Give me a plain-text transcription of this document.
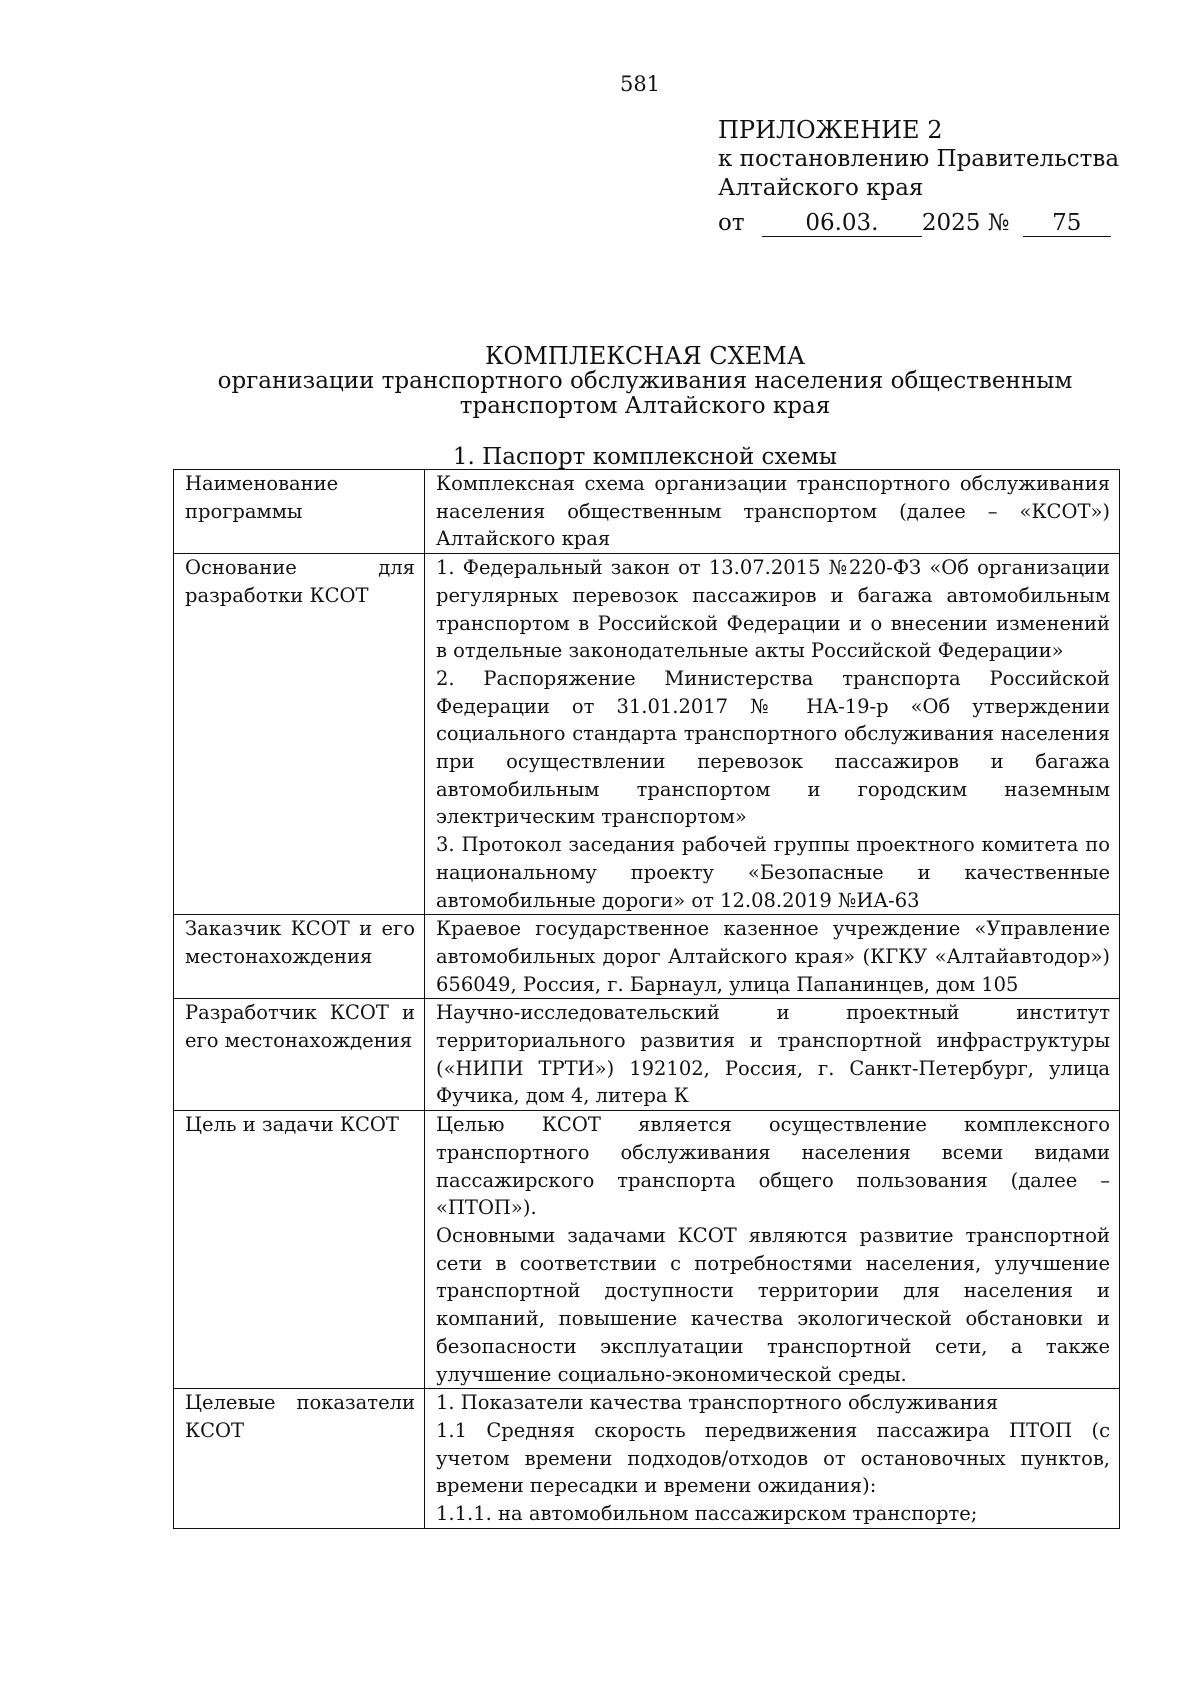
581
ПРИЛОЖЕНИЕ 2
к постановлению Правительства
Алтайского края
от	06.03. 2025 № 75
КОМПЛЕКСНАЯ СХЕМА
организации транспортного обслуживания населения общественным
транспортом Алтайского края
1. Паспорт комплексной схемы
Наименование программы	Комплексная схема организации транспортного обслуживания населения общественным транспортом (далее – «КСОТ») Алтайского края

Основание для разработки КСОТ	1. Федеральный закон от 13.07.2015 №220-ФЗ «Об организации регулярных перевозок пассажиров и багажа автомобильным транспортом в Российской Федерации и о внесении изменений в отдельные законодательные акты Российской Федерации»
2. Распоряжение Министерства транспорта Российской Федерации от 31.01.2017 № НА-19-р «Об утверждении социального стандарта транспортного обслуживания населения при осуществлении перевозок пассажиров и багажа автомобильным транспортом и городским наземным электрическим транспортом»
3. Протокол заседания рабочей группы проектного комитета по национальному проекту «Безопасные и качественные автомобильные дороги» от 12.08.2019 №ИА-63

Заказчик КСОТ и его местонахождения	Краевое государственное казенное учреждение «Управление автомобильных дорог Алтайского края» (КГКУ «Алтайавтодор») 656049, Россия, г. Барнаул, улица Папанинцев, дом 105

Разработчик КСОТ и его местонахождения	Научно-исследовательский и проектный институт территориального развития и транспортной инфраструктуры («НИПИ ТРТИ») 192102, Россия, г. Санкт-Петербург, улица Фучика, дом 4, литера К

Цель и задачи КСОТ	Целью КСОТ является осуществление комплексного транспортного обслуживания населения всеми видами пассажирского транспорта общего пользования (далее – «ПТОП»).
Основными задачами КСОТ являются развитие транспортной сети в соответствии с потребностями населения, улучшение транспортной доступности территории для населения и компаний, повышение качества экологической обстановки и безопасности эксплуатации транспортной сети, а также улучшение социально-экономической среды.

Целевые показатели КСОТ	1. Показатели качества транспортного обслуживания
1.1 Средняя скорость передвижения пассажира ПТОП (с учетом времени подходов/отходов от остановочных пунктов, времени пересадки и времени ожидания):
1.1.1. на автомобильном пассажирском транспорте;
